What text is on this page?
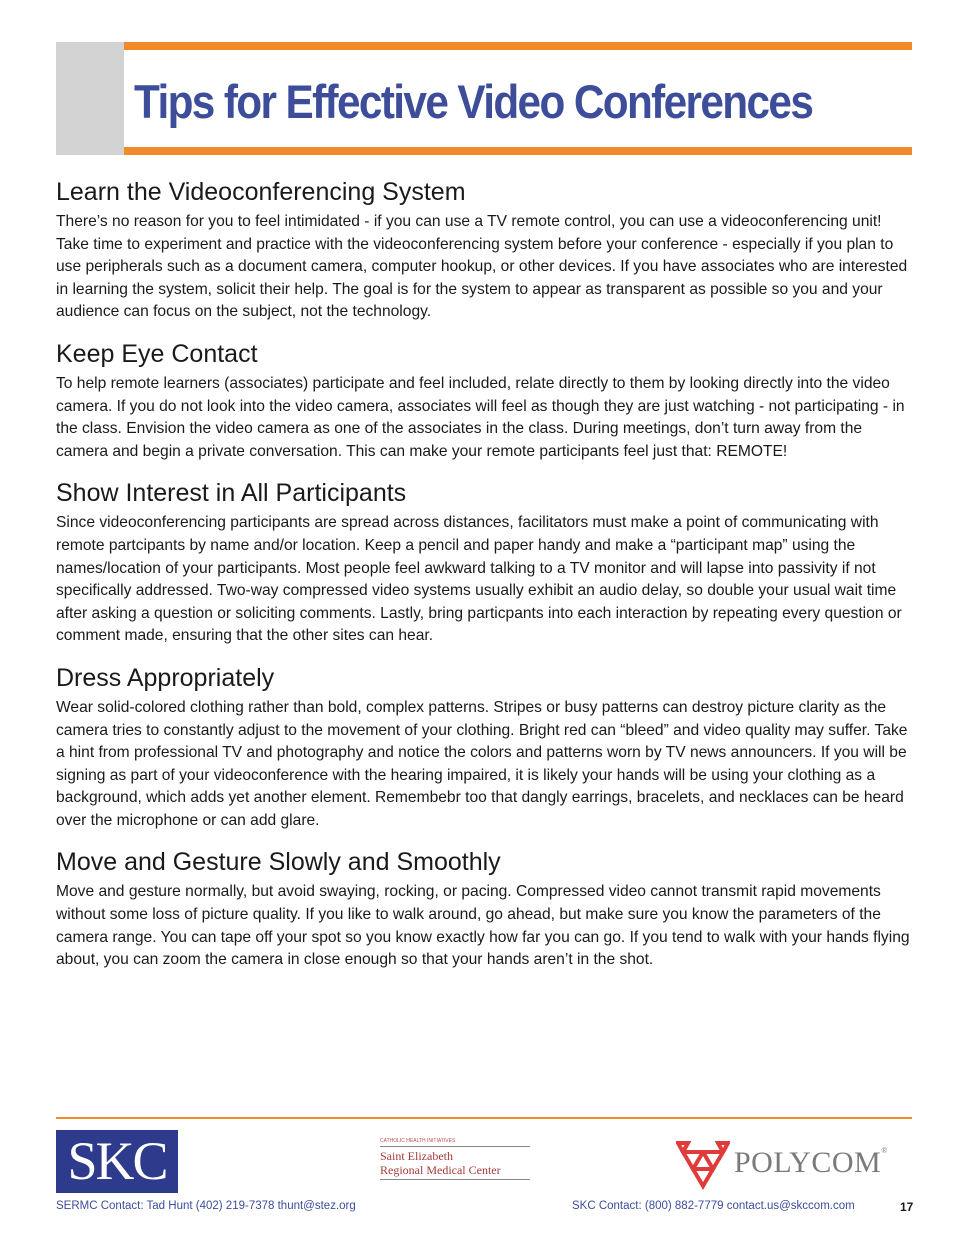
Tips for Effective Video Conferences
Learn the Videoconferencing System

There’s no reason for you to feel intimidated - if you can use a TV remote control, you can use a videoconferencing unit! Take time to experiment and practice with the videoconferencing system before your conference - especially if you plan to use peripherals such as a document camera, computer hookup, or other devices. If you have associates who are interested in learning the system, solicit their help. The goal is for the system to appear as transparent as possible so you and your audience can focus on the subject, not the technology.

Keep Eye Contact

To help remote learners (associates) participate and feel included, relate directly to them by looking directly into the video camera. If you do not look into the video camera, associates will feel as though they are just watching - not participating - in the class. Envision the video camera as one of the associates in the class. During meetings, don’t turn away from the camera and begin a private conversation. This can make your remote participants feel just that: REMOTE!

Show Interest in All Participants

Since videoconferencing participants are spread across distances, facilitators must make a point of communicating with remote partcipants by name and/or location. Keep a pencil and paper handy and make a “participant map” using the names/location of your participants. Most people feel awkward talking to a TV monitor and will lapse into passivity if not specifically addressed. Two-way compressed video systems usually exhibit an audio delay, so double your usual wait time after asking a question or soliciting comments. Lastly, bring particpants into each interaction by repeating every question or comment made, ensuring that the other sites can hear.

Dress Appropriately

Wear solid-colored clothing rather than bold, complex patterns. Stripes or busy patterns can destroy picture clarity as the camera tries to constantly adjust to the movement of your clothing. Bright red can “bleed” and video quality may suffer. Take a hint from professional TV and photography and notice the colors and patterns worn by TV news announcers. If you will be signing as part of your videoconference with the hearing impaired, it is likely your hands will be using your clothing as a background, which adds yet another element. Remembebr too that dangly earrings, bracelets, and necklaces can be heard over the microphone or can add glare.

Move and Gesture Slowly and Smoothly

Move and gesture normally, but avoid swaying, rocking, or pacing. Compressed video cannot transmit rapid movements without some loss of picture quality. If you like to walk around, go ahead, but make sure you know the parameters of the camera range. You can tape off your spot so you know exactly how far you can go. If you tend to walk with your hands flying about, you can zoom the camera in close enough so that your hands aren’t in the shot.

SKC	CATHOLIC HEALTH INITIATIVES
Saint Elizabeth
Regional Medical Center	POLYCOM®
SERMC Contact: Tad Hunt (402) 219-7378 thunt@stez.org	SKC Contact: (800) 882-7779 contact.us@skccom.com	17
